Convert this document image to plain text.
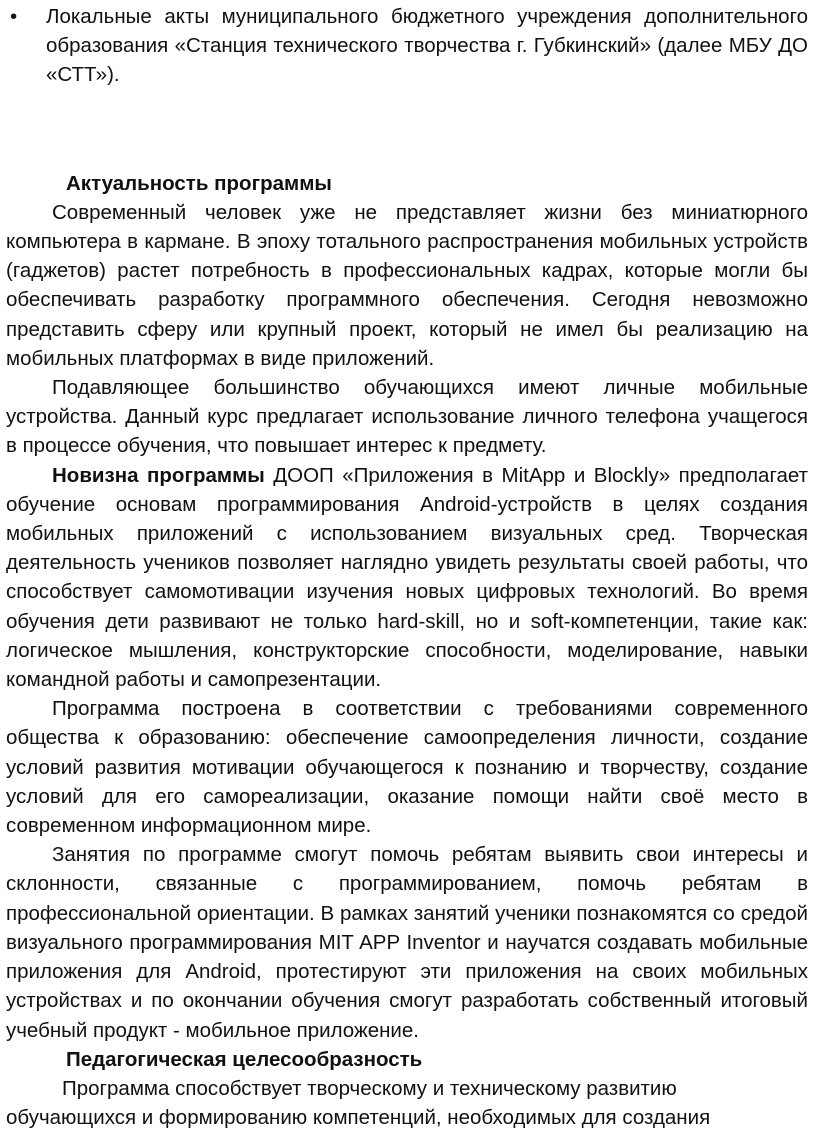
•	Локальные акты муниципального бюджетного учреждения дополнительного образования «Станция технического творчества г. Губкинский» (далее МБУ ДО «СТТ»).

Актуальность программы

Современный человек уже не представляет жизни без миниатюрного компьютера в кармане. В эпоху тотального распространения мобильных устройств (гаджетов) растет потребность в профессиональных кадрах, которые могли бы обеспечивать разработку программного обеспечения. Сегодня невозможно представить сферу или крупный проект, который не имел бы реализацию на мобильных платформах в виде приложений.

Подавляющее большинство обучающихся имеют личные мобильные устройства. Данный курс предлагает использование личного телефона учащегося в процессе обучения, что повышает интерес к предмету.

Новизна программы ДООП «Приложения в MitApp и Blockly» предполагает обучение основам программирования Android-устройств в целях создания мобильных приложений с использованием визуальных сред. Творческая деятельность учеников позволяет наглядно увидеть результаты своей работы, что способствует самомотивации изучения новых цифровых технологий. Во время обучения дети развивают не только hard-skill, но и soft-компетенции, такие как: логическое мышления, конструкторские способности, моделирование, навыки командной работы и самопрезентации.

Программа построена в соответствии с требованиями современного общества к образованию: обеспечение самоопределения личности, создание условий развития мотивации обучающегося к познанию и творчеству, создание условий для его самореализации, оказание помощи найти своё место в современном информационном мире.

Занятия по программе смогут помочь ребятам выявить свои интересы и склонности, связанные с программированием, помочь ребятам в профессиональной ориентации. В рамках занятий ученики познакомятся со средой визуального программирования MIT APP Inventor и научатся создавать мобильные приложения для Android, протестируют эти приложения на своих мобильных устройствах и по окончании обучения смогут разработать собственный итоговый учебный продукт - мобильное приложение.

Педагогическая целесообразность

Программа способствует творческому и техническому развитию

обучающихся и формированию компетенций, необходимых для создания
